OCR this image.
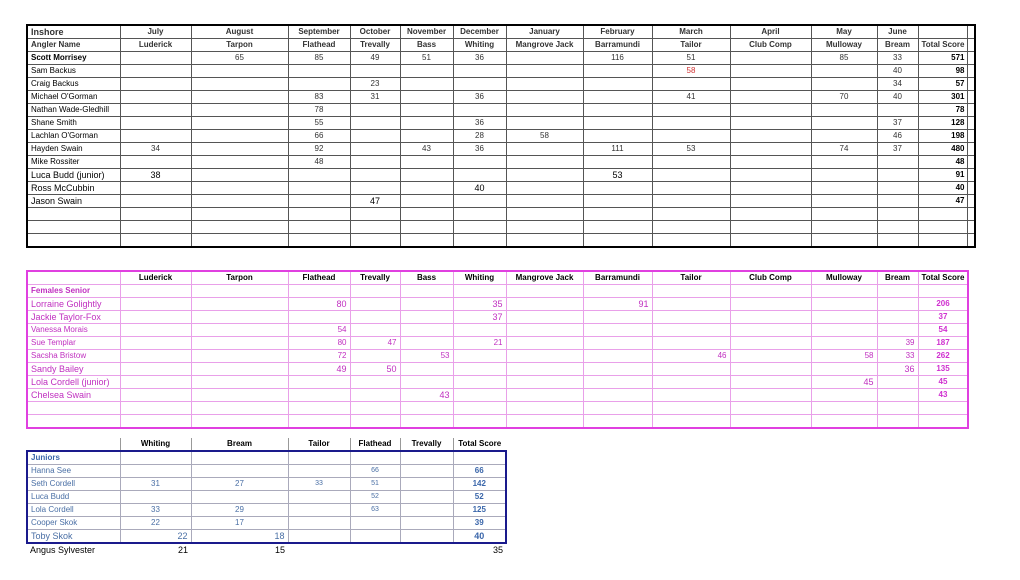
Inshore	July	August	September	October	November	December	January	February	March	April	May	June		
Angler Name	Luderick	Tarpon	Flathead	Trevally	Bass	Whiting	Mangrove Jack	Barramundi	Tailor	Club Comp	Mulloway	Bream	Total Score	
Scott Morrisey		65	85	49	51	36		116	51		85	33	571	
Sam Backus									58			40	98	
Craig Backus				23								34	57	
Michael O'Gorman			83	31		36			41		70	40	301	
Nathan Wade-Gledhill			78										78	
Shane Smith			55			36						37	128	
Lachlan O'Gorman			66			28	58					46	198	
Hayden Swain	34		92		43	36		111	53		74	37	480	
Mike Rossiter			48										48	
Luca Budd (junior)	38							53					91	
Ross McCubbin						40							40	
Jason Swain				47									47	

	Luderick	Tarpon	Flathead	Trevally	Bass	Whiting	Mangrove Jack	Barramundi	Tailor	Club Comp	Mulloway	Bream	Total Score
Females Senior													
Lorraine Golightly			80			35		91					206
Jackie Taylor-Fox						37							37
Vanessa Morais			54										54
Sue Templar			80	47		21						39	187
Sacsha Bristow			72		53				46		58	33	262
Sandy Bailey			49	50								36	135
Lola Cordell (junior)											45		45
Chelsea Swain					43								43

	Whiting	Bream	Tailor	Flathead	Trevally	Total Score
Juniors						
Hanna See				66		66
Seth Cordell	31	27	33	51		142
Luca Budd				52		52
Lola Cordell	33	29		63		125
Cooper Skok	22	17				39
Toby Skok	22	18				40
Angus Sylvester	21	15				35
